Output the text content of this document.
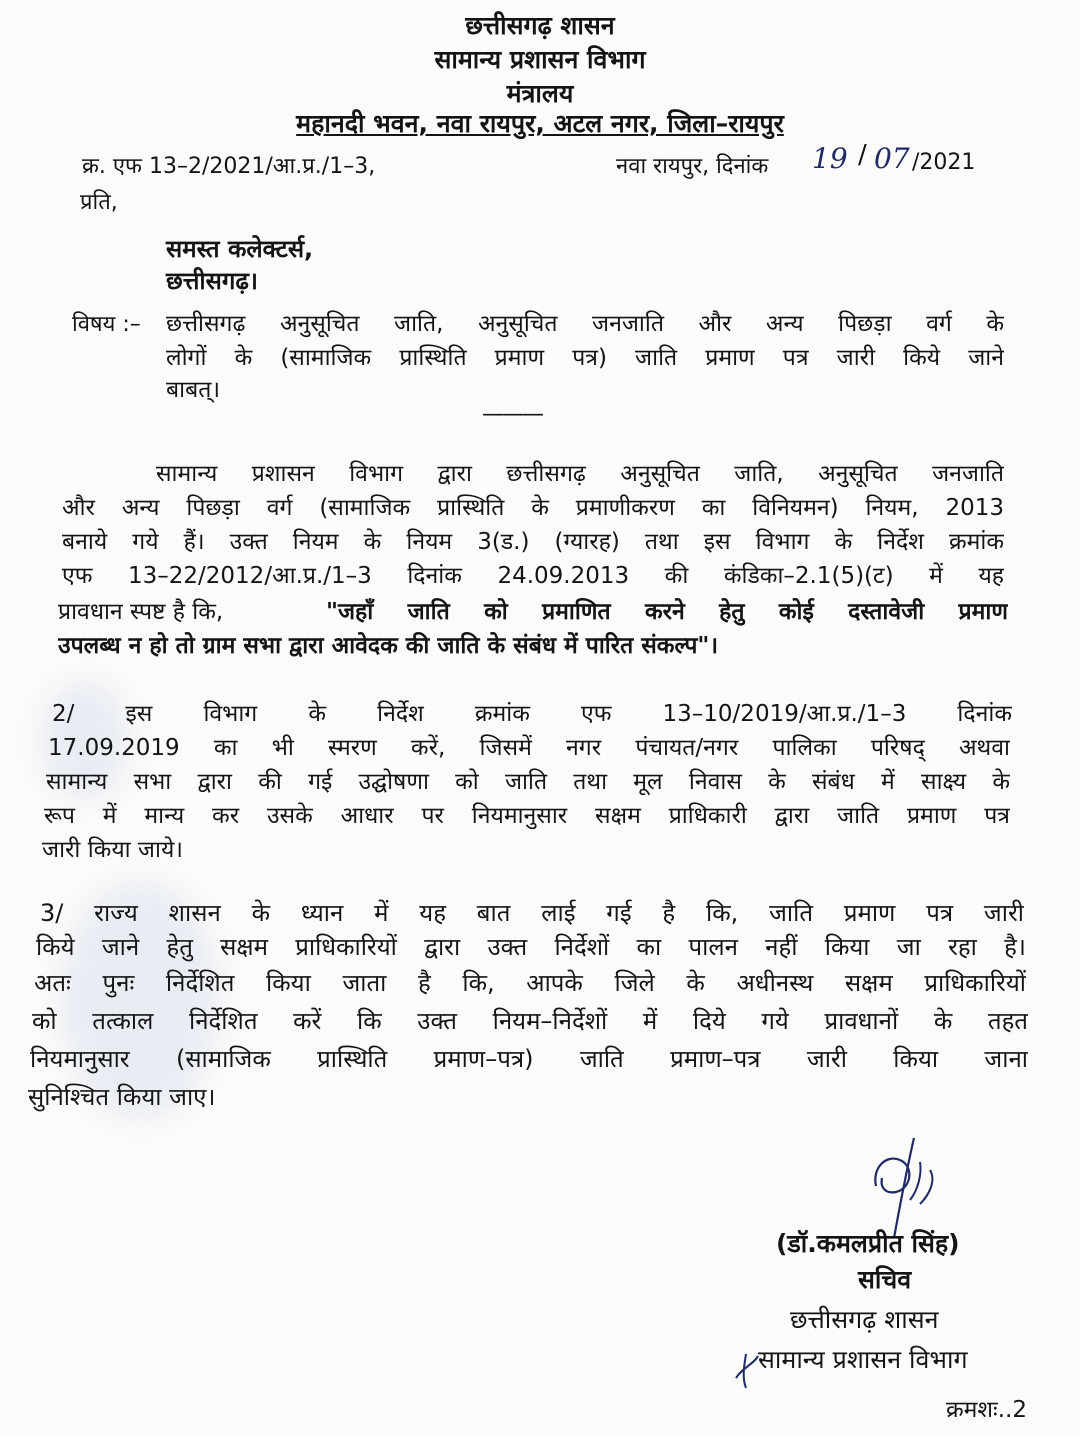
छत्तीसगढ़ शासन
सामान्य प्रशासन विभाग
मंत्रालय
महानदी भवन, नवा रायपुर, अटल नगर, जिला–रायपुर
क्र. एफ 13–2/2021/आ.प्र./1–3,	नवा रायपुर, दिनांक 19 / 07 /2021
प्रति,
समस्त कलेक्टर्स,
छत्तीसगढ़।
विषय :– छत्तीसगढ़ अनुसूचित जाति, अनुसूचित जनजाति और अन्य पिछड़ा वर्ग के
लोगों के (सामाजिक प्रास्थिति प्रमाण पत्र) जाति प्रमाण पत्र जारी किये जाने
बाबत्।
———
सामान्य प्रशासन विभाग द्वारा छत्तीसगढ़ अनुसूचित जाति, अनुसूचित जनजाति
और अन्य पिछड़ा वर्ग (सामाजिक प्रास्थिति के प्रमाणीकरण का विनियमन) नियम, 2013
बनाये गये हैं। उक्त नियम के नियम 3(ड.) (ग्यारह) तथा इस विभाग के निर्देश क्रमांक
एफ 13–22/2012/आ.प्र./1–3 दिनांक 24.09.2013 की कंडिका–2.1(5)(ट) में यह
प्रावधान स्पष्ट है कि,	"जहाँ जाति को प्रमाणित करने हेतु कोई दस्तावेजी प्रमाण
उपलब्ध न हो तो ग्राम सभा द्वारा आवेदक की जाति के संबंध में पारित संकल्प"।
2/ इस विभाग के निर्देश क्रमांक एफ 13–10/2019/आ.प्र./1–3 दिनांक
17.09.2019 का भी स्मरण करें, जिसमें नगर पंचायत/नगर पालिका परिषद् अथवा
सामान्य सभा द्वारा की गई उद्घोषणा को जाति तथा मूल निवास के संबंध में साक्ष्य के
रूप में मान्य कर उसके आधार पर नियमानुसार सक्षम प्राधिकारी द्वारा जाति प्रमाण पत्र
जारी किया जाये।
3/ राज्य शासन के ध्यान में यह बात लाई गई है कि, जाति प्रमाण पत्र जारी
किये जाने हेतु सक्षम प्राधिकारियों द्वारा उक्त निर्देशों का पालन नहीं किया जा रहा है।
अतः पुनः निर्देशित किया जाता है कि, आपके जिले के अधीनस्थ सक्षम प्राधिकारियों
को तत्काल निर्देशित करें कि उक्त नियम–निर्देशों में दिये गये प्रावधानों के तहत
नियमानुसार (सामाजिक प्रास्थिति प्रमाण–पत्र) जाति प्रमाण–पत्र जारी किया जाना
सुनिश्चित किया जाए।
(डॉ.कमलप्रीत सिंह)
सचिव
छत्तीसगढ़ शासन
सामान्य प्रशासन विभाग
क्रमशः..2
